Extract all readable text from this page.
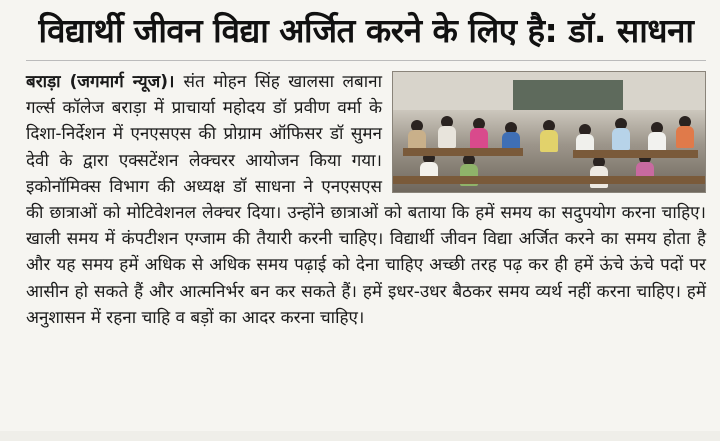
विद्यार्थी जीवन विद्या अर्जित करने के लिए है: डॉ. साधना
बराड़ा (जगमार्ग न्यूज)। संत मोहन सिंह खालसा लबाना गर्ल्स कॉलेज बराड़ा में प्राचार्या महोदय डॉ प्रवीण वर्मा के दिशा-निर्देशन में एनएसएस की प्रोग्राम ऑफिसर डॉ सुमन देवी के द्वारा एक्सटेंशन लेक्चरर आयोजन किया गया। इकोनॉमिक्स विभाग की अध्यक्ष डॉ साधना ने एनएसएस की छात्राओं को मोटिवेशनल लेक्चर दिया। उन्होंने छात्राओं को बताया कि हमें समय का सदुपयोग करना चाहिए। खाली समय में कंपटीशन एग्जाम की तैयारी करनी चाहिए। विद्यार्थी जीवन विद्या अर्जित करने का समय होता है और यह समय हमें अधिक से अधिक समय पढ़ाई को देना चाहिए अच्छी तरह पढ़ कर ही हमें ऊंचे ऊंचे पदों पर आसीन हो सकते हैं और आत्मनिर्भर बन कर सकते हैं। हमें इधर-उधर बैठकर समय व्यर्थ नहीं करना चाहिए। हमें अनुशासन में रहना चाहि व बड़ों का आदर करना चाहिए।
